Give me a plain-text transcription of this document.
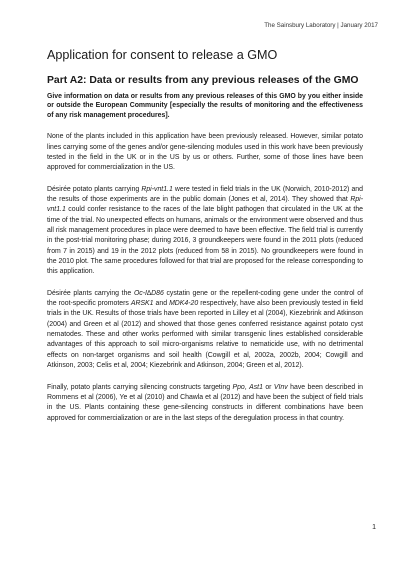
The Sainsbury Laboratory | January 2017
Application for consent to release a GMO
Part A2: Data or results from any previous releases of the GMO
Give information on data or results from any previous releases of this GMO by you either inside or outside the European Community [especially the results of monitoring and the effectiveness of any risk management procedures].

None of the plants included in this application have been previously released. However, similar potato lines carrying some of the genes and/or gene-silencing modules used in this work have been previously tested in the field in the UK or in the US by us or others. Further, some of those lines have been approved for commercialization in the US.

Désirée potato plants carrying Rpi-vnt1.1 were tested in field trials in the UK (Norwich, 2010-2012) and the results of those experiments are in the public domain (Jones et al, 2014). They showed that Rpi-vnt1.1 could confer resistance to the races of the late blight pathogen that circulated in the UK at the time of the trial. No unexpected effects on humans, animals or the environment were observed and thus all risk management procedures in place were deemed to have been effective. The field trial is currently in the post-trial monitoring phase; during 2016, 3 groundkeepers were found in the 2011 plots (reduced from 7 in 2015) and 19 in the 2012 plots (reduced from 58 in 2015). No groundkeepers were found in the 2010 plot. The same procedures followed for that trial are proposed for the release corresponding to this application.

Désirée plants carrying the Oc-I∆D86 cystatin gene or the repellent-coding gene under the control of the root-specific promoters ARSK1 and MDK4-20 respectively, have also been previously tested in field trials in the UK. Results of those trials have been reported in Lilley et al (2004), Kiezebrink and Atkinson (2004) and Green et al (2012) and showed that those genes conferred resistance against potato cyst nematodes. These and other works performed with similar transgenic lines established considerable advantages of this approach to soil micro-organisms relative to nematicide use, with no detrimental effects on non-target organisms and soil health (Cowgill et al, 2002a, 2002b, 2004; Cowgill and Atkinson, 2003; Celis et al, 2004; Kiezebrink and Atkinson, 2004; Green et al, 2012).

Finally, potato plants carrying silencing constructs targeting Ppo, Ast1 or VInv have been described in Rommens et al (2006), Ye et al (2010) and Chawla et al (2012) and have been the subject of field trials in the US. Plants containing these gene-silencing constructs in different combinations have been approved for commercialization or are in the last steps of the deregulation process in that country.

1
